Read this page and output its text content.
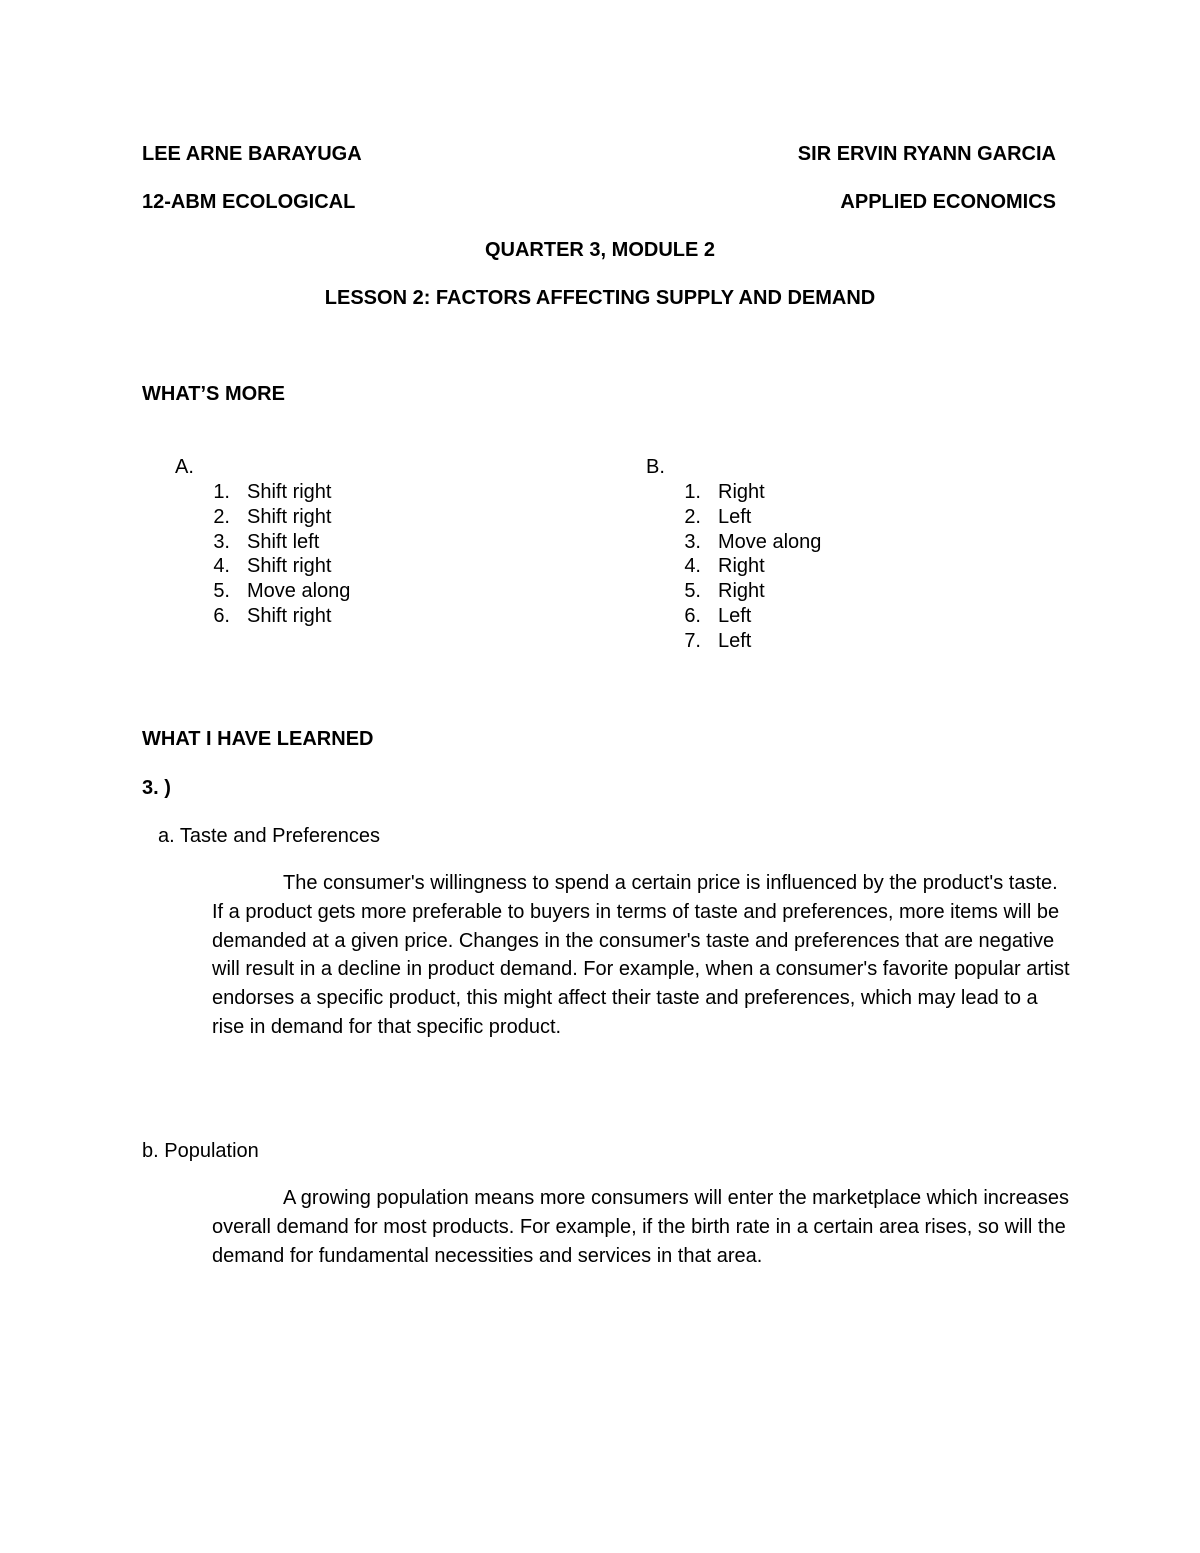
LEE ARNE BARAYUGA	SIR ERVIN RYANN GARCIA

12-ABM ECOLOGICAL	APPLIED ECONOMICS

QUARTER 3, MODULE 2

LESSON 2: FACTORS AFFECTING SUPPLY AND DEMAND

WHAT’S MORE

A.
1. Shift right
2. Shift right
3. Shift left
4. Shift right
5. Move along
6. Shift right
B.
1. Right
2. Left
3. Move along
4. Right
5. Right
6. Left
7. Left

WHAT I HAVE LEARNED

3. )

a. Taste and Preferences

The consumer's willingness to spend a certain price is influenced by the product's taste. If a product gets more preferable to buyers in terms of taste and preferences, more items will be demanded at a given price. Changes in the consumer's taste and preferences that are negative will result in a decline in product demand. For example, when a consumer's favorite popular artist endorses a specific product, this might affect their taste and preferences, which may lead to a rise in demand for that specific product.

b. Population

A growing population means more consumers will enter the marketplace which increases overall demand for most products. For example, if the birth rate in a certain area rises, so will the demand for fundamental necessities and services in that area.
